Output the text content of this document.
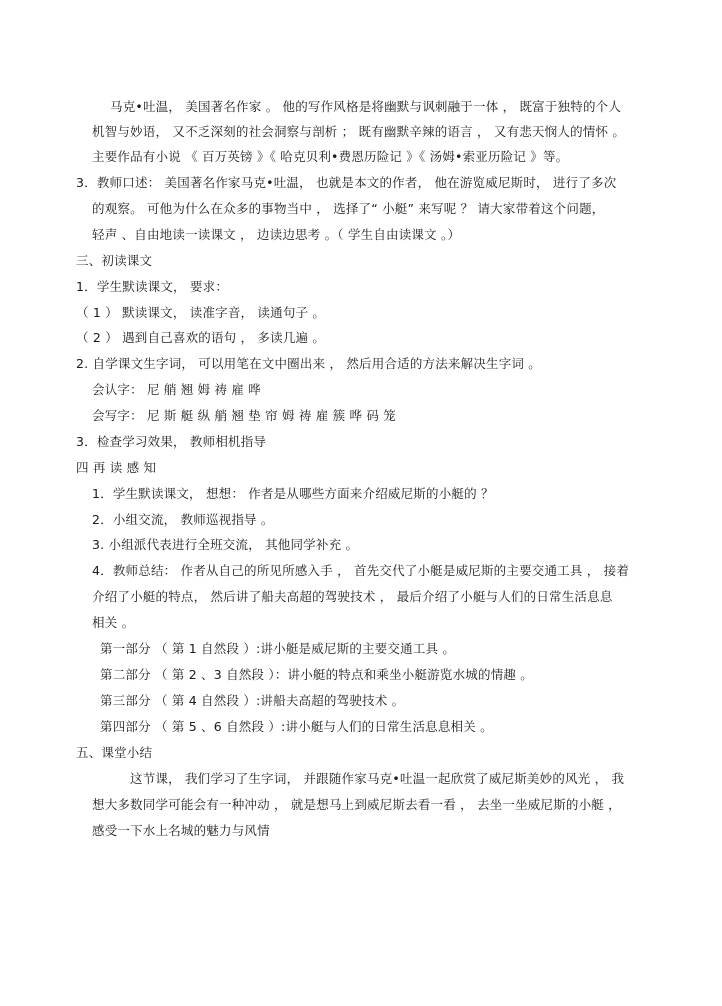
马克•吐温， 美国著名作家 。 他的写作风格是将幽默与讽刺融于一体 ， 既富于独特的个人
机智与妙语， 又不乏深刻的社会洞察与剖析 ； 既有幽默辛辣的语言 ， 又有悲天悯人的情怀 。
主要作品有小说 《 百万英镑 》《 哈克贝利•费恩历险记 》《 汤姆•索亚历险记 》等。
3．教师口述： 美国著名作家马克•吐温， 也就是本文的作者， 他在游览威尼斯时， 进行了多次
的观察。 可他为什么在众多的事物当中 ， 选择了“ 小艇” 来写呢 ？ 请大家带着这个问题，
轻声 、自由地读一读课文 ， 边读边思考 。（ 学生自由读课文 。）
三、初读课文
1．学生默读课文， 要求：
（ 1 ） 默读课文， 读准字音， 读通句子 。
（ 2 ） 遇到自己喜欢的语句 ， 多读几遍 。
2. 自学课文生字词， 可以用笔在文中圈出来 ， 然后用合适的方法来解决生字词 。
会认字： 尼 艄 翘 姆 祷 雇 哗
会写字： 尼 斯 艇 纵 艄 翘 垫 帘 姆 祷 雇 簇 哗 码 笼
3．检查学习效果， 教师相机指导
四 再 读 感 知
1．学生默读课文， 想想： 作者是从哪些方面来介绍威尼斯的小艇的 ？
2．小组交流， 教师巡视指导 。
3. 小组派代表进行全班交流， 其他同学补充 。
4．教师总结： 作者从自己的所见所感入手 ， 首先交代了小艇是威尼斯的主要交通工具 ， 接着
介绍了小艇的特点， 然后讲了船夫高超的驾驶技术 ， 最后介绍了小艇与人们的日常生活息息
相关 。
第一部分 （ 第 1 自然段 ）:讲小艇是威尼斯的主要交通工具 。
第二部分 （ 第 2 、3 自然段 ）：讲小艇的特点和乘坐小艇游览水城的情趣 。
第三部分 （ 第 4 自然段 ）:讲船夫高超的驾驶技术 。
第四部分 （ 第 5 、6 自然段 ）:讲小艇与人们的日常生活息息相关 。
五、课堂小结
这节课， 我们学习了生字词， 并跟随作家马克•吐温一起欣赏了威尼斯美妙的风光 ， 我
想大多数同学可能会有一种冲动 ， 就是想马上到威尼斯去看一看 ， 去坐一坐威尼斯的小艇 ，
感受一下水上名城的魅力与风情
